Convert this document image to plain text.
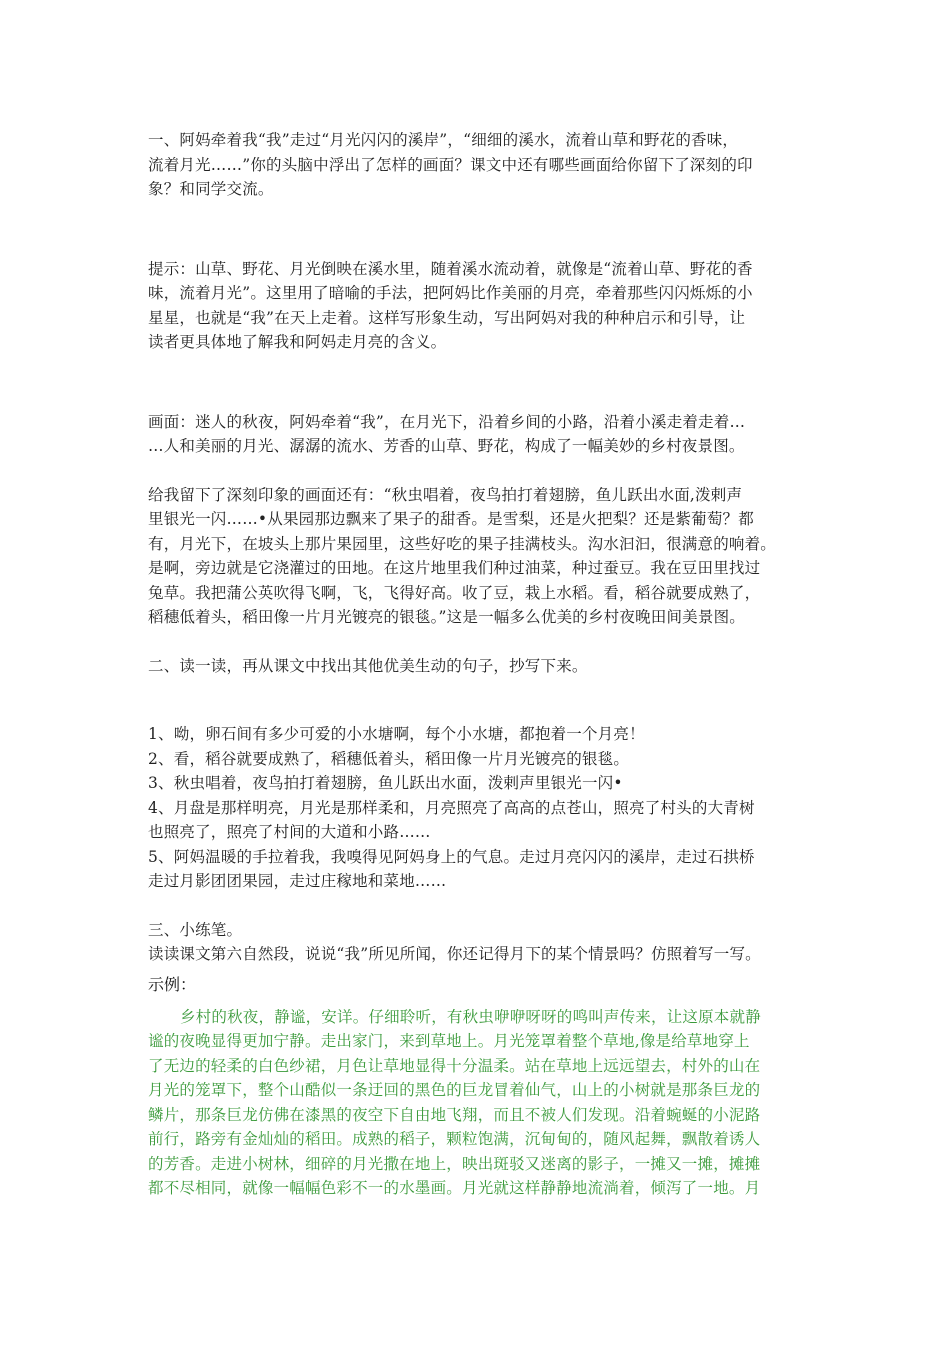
一、阿妈牵着我“我”走过“月光闪闪的溪岸”，“细细的溪水，流着山草和野花的香味，

流着月光……”你的头脑中浮出了怎样的画面？课文中还有哪些画面给你留下了深刻的印

象？和同学交流。

提示：山草、野花、月光倒映在溪水里，随着溪水流动着，就像是“流着山草、野花的香

味，流着月光”。这里用了暗喻的手法，把阿妈比作美丽的月亮，牵着那些闪闪烁烁的小

星星，也就是“我”在天上走着。这样写形象生动，写出阿妈对我的种种启示和引导，让

读者更具体地了解我和阿妈走月亮的含义。

画面：迷人的秋夜，阿妈牵着“我”，在月光下，沿着乡间的小路，沿着小溪走着走着…

…人和美丽的月光、潺潺的流水、芳香的山草、野花，构成了一幅美妙的乡村夜景图。

给我留下了深刻印象的画面还有：“秋虫唱着，夜鸟拍打着翅膀，鱼儿跃出水面,泼剌声

里银光一闪……•从果园那边飘来了果子的甜香。是雪梨，还是火把梨？还是紫葡萄？都

有，月光下，在坡头上那片果园里，这些好吃的果子挂满枝头。沟水汩汩，很满意的响着。

是啊，旁边就是它浇灌过的田地。在这片地里我们种过油菜，种过蚕豆。我在豆田里找过

兔草。我把蒲公英吹得飞啊，飞，飞得好高。收了豆，栽上水稻。看，稻谷就要成熟了，

稻穗低着头，稻田像一片月光镀亮的银毯。”这是一幅多么优美的乡村夜晚田间美景图。

二、读一读，再从课文中找出其他优美生动的句子，抄写下来。

1、呦，卵石间有多少可爱的小水塘啊，每个小水塘，都抱着一个月亮！

2、看，稻谷就要成熟了，稻穗低着头，稻田像一片月光镀亮的银毯。

3、秋虫唱着，夜鸟拍打着翅膀，鱼儿跃出水面，泼剌声里银光一闪•

4、月盘是那样明亮，月光是那样柔和，月亮照亮了高高的点苍山，照亮了村头的大青树

也照亮了，照亮了村间的大道和小路……

5、阿妈温暖的手拉着我，我嗅得见阿妈身上的气息。走过月亮闪闪的溪岸，走过石拱桥

走过月影团团果园，走过庄稼地和菜地……

三、小练笔。

读读课文第六自然段，说说“我”所见所闻，你还记得月下的某个情景吗？仿照着写一写。

示例：

乡村的秋夜，静谧，安详。仔细聆听，有秋虫咿咿呀呀的鸣叫声传来，让这原本就静

谧的夜晚显得更加宁静。走出家门，来到草地上。月光笼罩着整个草地,像是给草地穿上

了无边的轻柔的白色纱裙，月色让草地显得十分温柔。站在草地上远远望去，村外的山在

月光的笼罩下，整个山酷似一条迂回的黑色的巨龙冒着仙气，山上的小树就是那条巨龙的

鳞片，那条巨龙仿佛在漆黑的夜空下自由地飞翔，而且不被人们发现。沿着蜿蜒的小泥路

前行，路旁有金灿灿的稻田。成熟的稻子，颗粒饱满，沉甸甸的，随风起舞，飘散着诱人

的芳香。走进小树林，细碎的月光撒在地上，映出斑驳又迷离的影子，一摊又一摊，摊摊

都不尽相同，就像一幅幅色彩不一的水墨画。月光就这样静静地流淌着，倾泻了一地。月
